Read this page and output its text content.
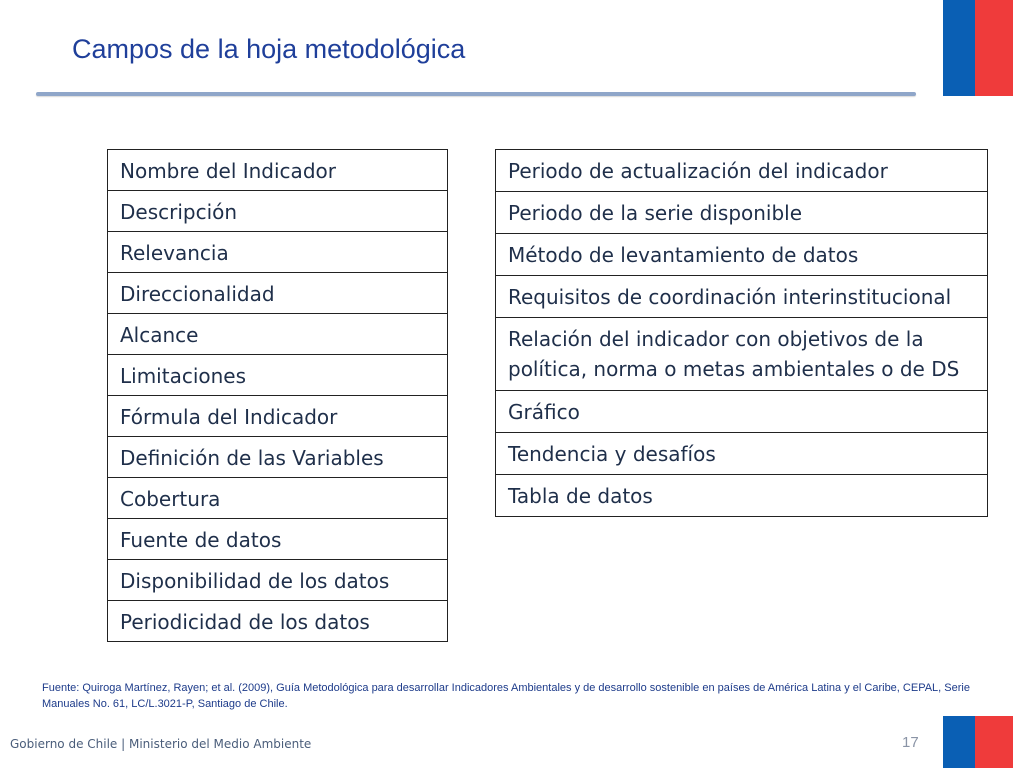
Campos de la hoja metodológica
Nombre del Indicador
Descripción
Relevancia
Direccionalidad
Alcance
Limitaciones
Fórmula del Indicador
Definición de las Variables
Cobertura
Fuente de datos
Disponibilidad de los datos
Periodicidad de los datos
Periodo de actualización del indicador
Periodo de la serie disponible
Método de levantamiento de datos
Requisitos de coordinación interinstitucional
Relación del indicador con objetivos de la política, norma o metas ambientales o de DS
Gráfico
Tendencia y desafíos
Tabla de datos

Fuente: Quiroga Martínez, Rayen; et al. (2009), Guía Metodológica para desarrollar Indicadores Ambientales y de desarrollo sostenible en países de América Latina y el Caribe, CEPAL, Serie Manuales No. 61, LC/L.3021-P, Santiago de Chile.

Gobierno de Chile | Ministerio del Medio Ambiente	17
